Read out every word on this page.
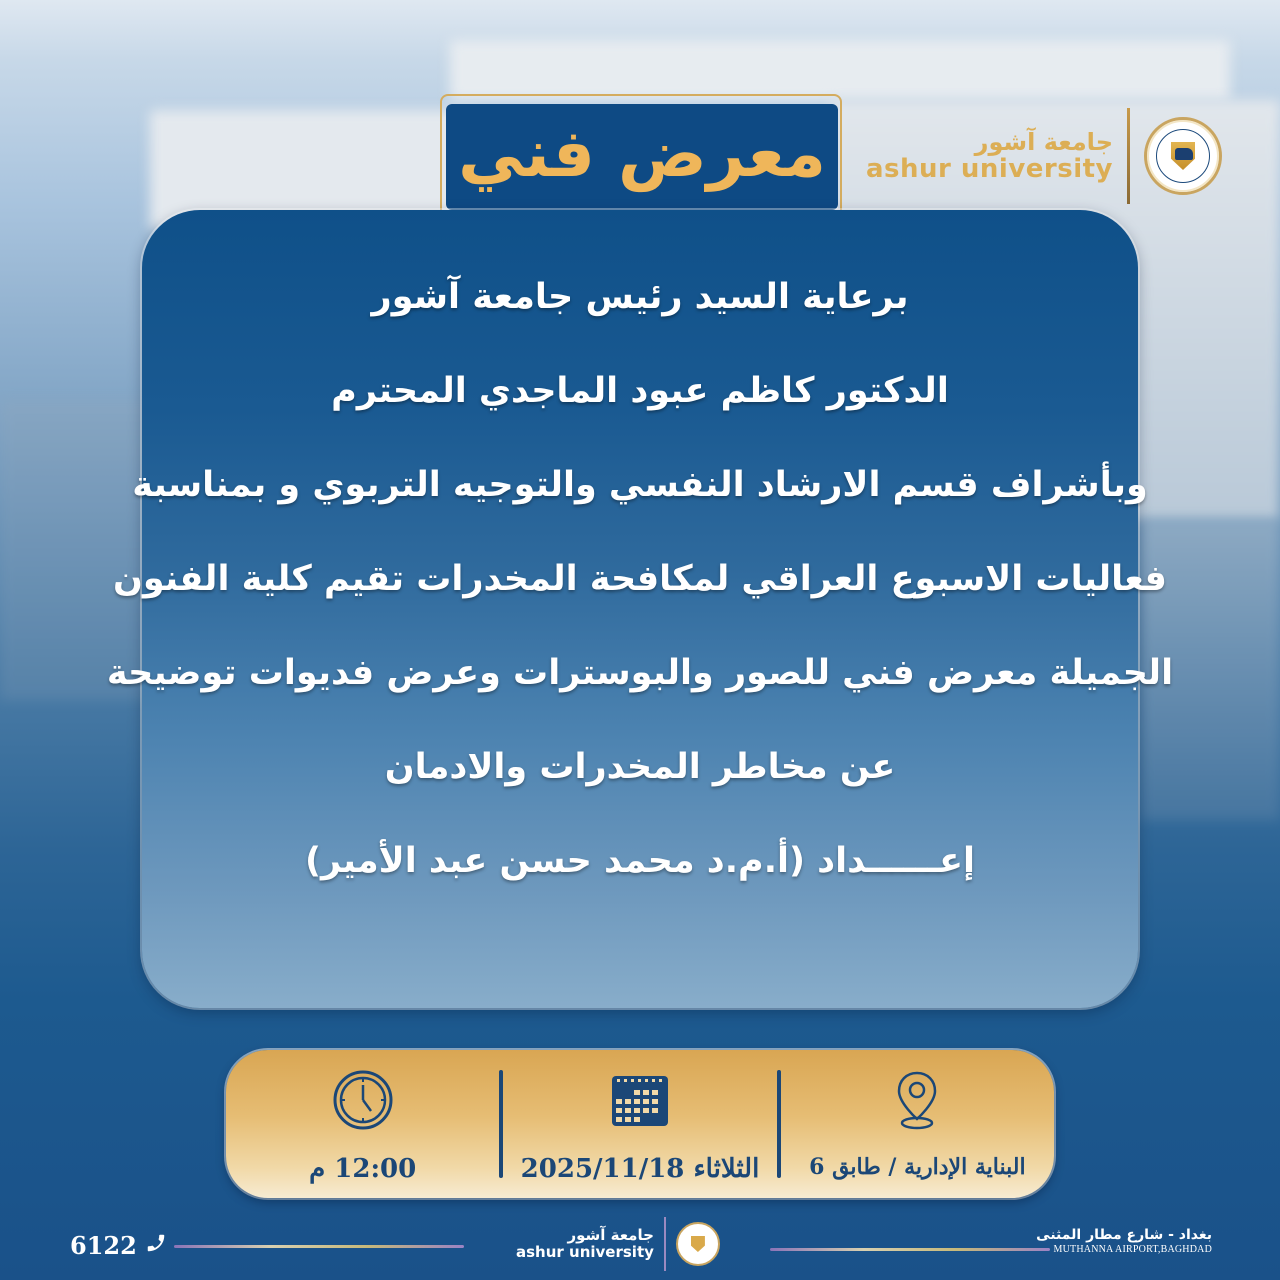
جامعة آشور
ashur university
معرض فني
برعاية السيد رئيس جامعة آشور
الدكتور كاظم عبود الماجدي المحترم
وبأشراف قسم الارشاد النفسي والتوجيه التربوي و بمناسبة
فعاليات الاسبوع العراقي لمكافحة المخدرات تقيم كلية الفنون
الجميلة معرض فني للصور والبوسترات وعرض فديوات توضيحة
عن مخاطر المخدرات والادمان
إعــــــداد (أ.م.د محمد حسن عبد الأمير)
البناية الإدارية / طابق 6
الثلاثاء 2025/11/18
12:00 م
6122	جامعة آشور
ashur university
بغداد - شارع مطار المثنى
MUTHANNA AIRPORT,BAGHDAD
